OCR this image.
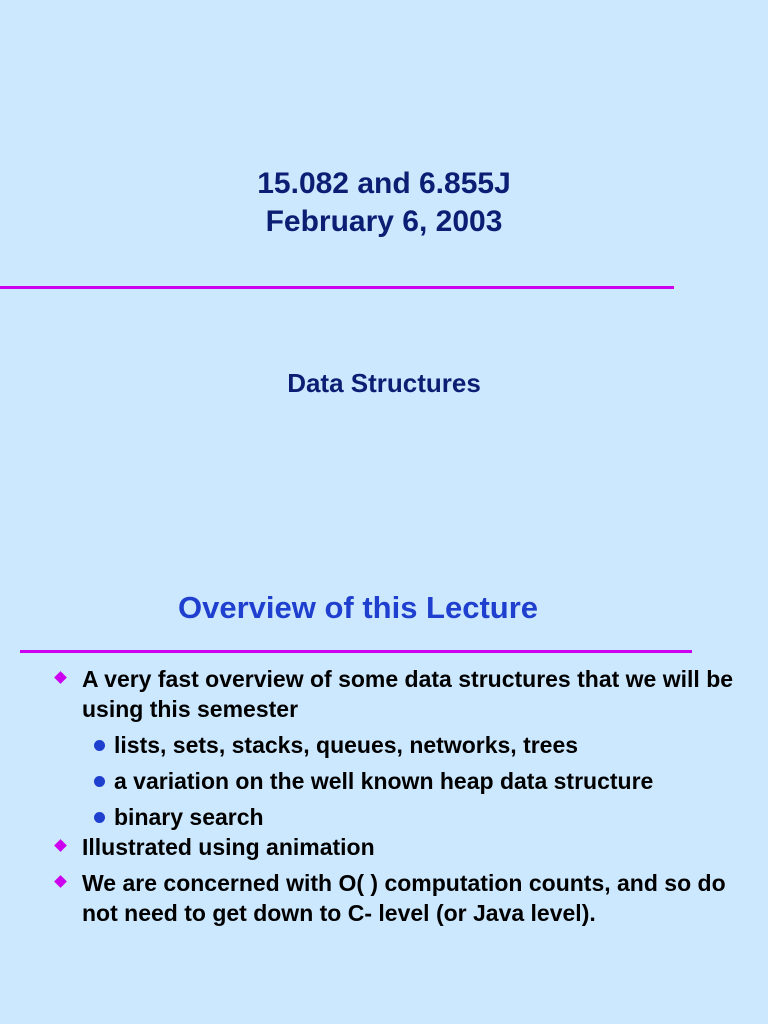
15.082 and 6.855J
February 6, 2003
Data Structures
Overview of this Lecture
A very fast overview of some data structures that we will be using this semester
lists, sets, stacks, queues, networks, trees
a variation on the well known heap data structure
binary search
Illustrated using animation
We are concerned with O( ) computation counts, and so do not need to get down to C- level (or Java level).
